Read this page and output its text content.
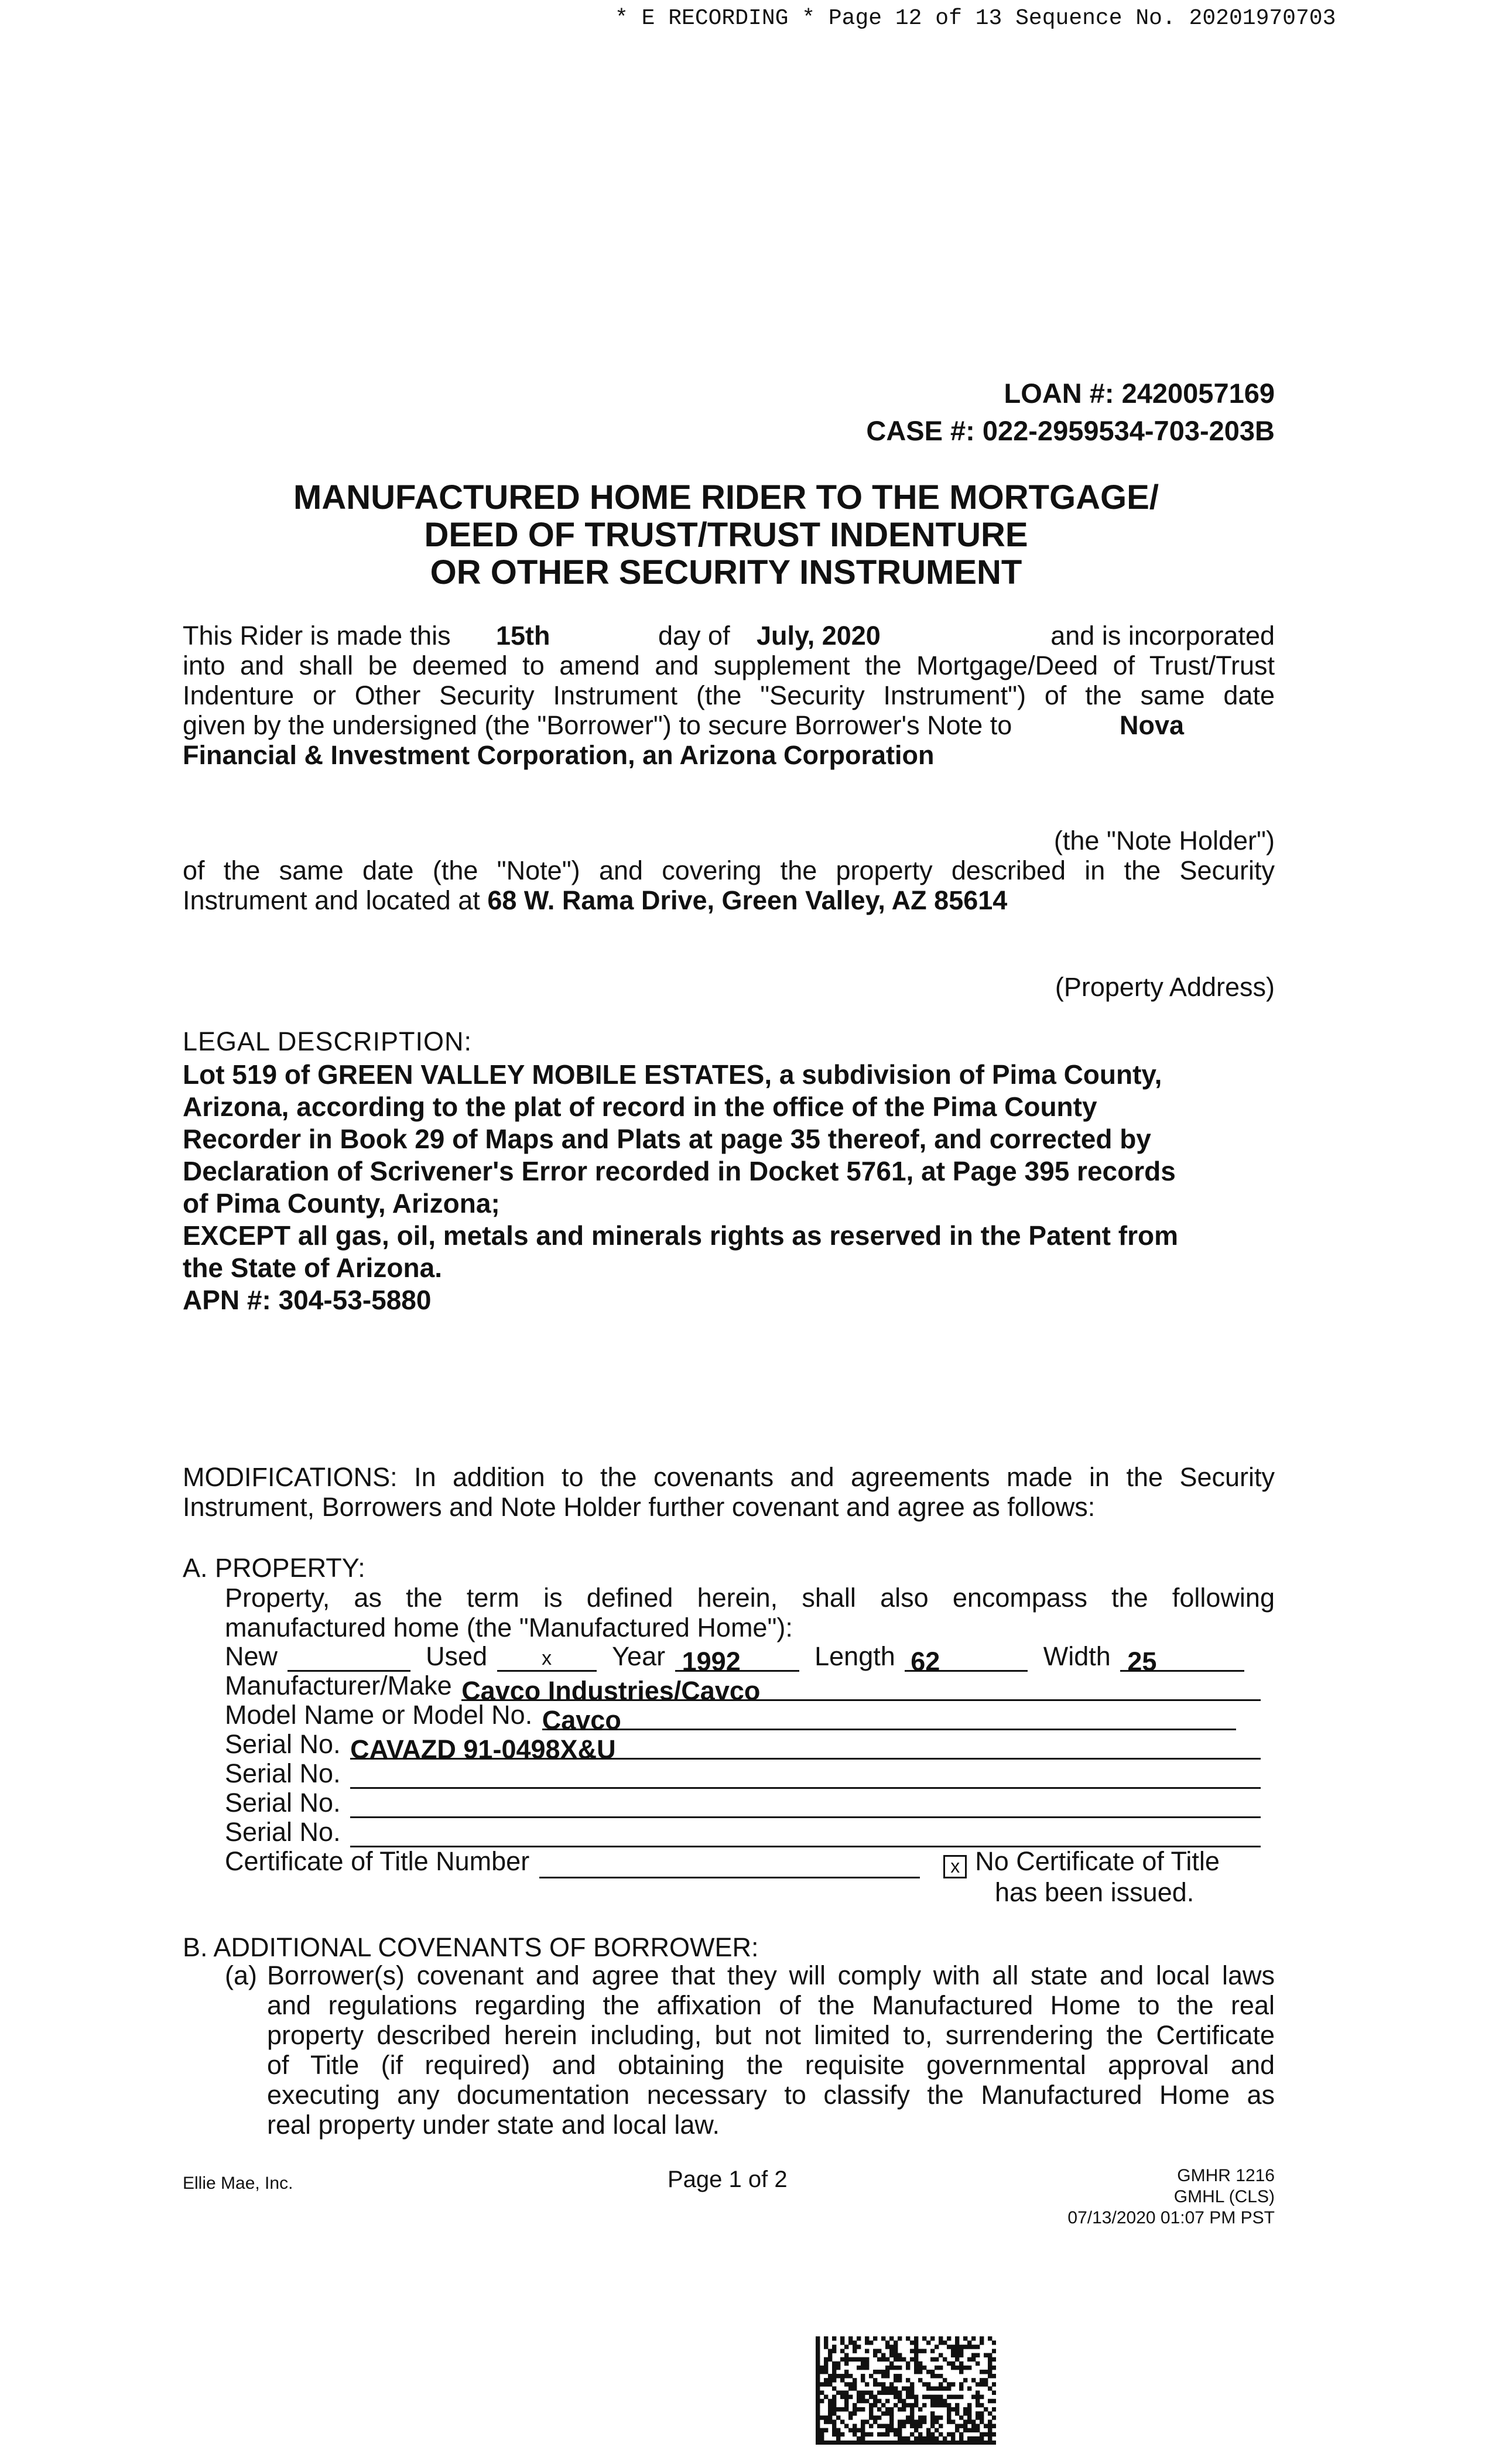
* E RECORDING * Page 12 of 13 Sequence No. 20201970703
LOAN #: 2420057169
CASE #: 022-2959534-703-203B
MANUFACTURED HOME RIDER TO THE MORTGAGE/
DEED OF TRUST/TRUST INDENTURE
OR OTHER SECURITY INSTRUMENT
This Rider is made this 15th	day of July, 2020	and is incorporated
into and shall be deemed to amend and supplement the Mortgage/Deed of Trust/Trust
Indenture or Other Security Instrument (the "Security Instrument") of the same date
given by the undersigned (the "Borrower") to secure Borrower's Note to	Nova
Financial & Investment Corporation, an Arizona Corporation
(the "Note Holder")
of the same date (the "Note") and covering the property described in the Security
Instrument and located at 68 W. Rama Drive, Green Valley, AZ 85614
(Property Address)
LEGAL DESCRIPTION:
Lot 519 of GREEN VALLEY MOBILE ESTATES, a subdivision of Pima County,
Arizona, according to the plat of record in the office of the Pima County
Recorder in Book 29 of Maps and Plats at page 35 thereof, and corrected by
Declaration of Scrivener's Error recorded in Docket 5761, at Page 395 records
of Pima County, Arizona;
EXCEPT all gas, oil, metals and minerals rights as reserved in the Patent from
the State of Arizona.
APN #: 304-53-5880
MODIFICATIONS: In addition to the covenants and agreements made in the Security
Instrument, Borrowers and Note Holder further covenant and agree as follows:
A. PROPERTY:
Property, as the term is defined herein, shall also encompass the following
manufactured home (the "Manufactured Home"):
New	Used	x Year 1992	Length 62	Width 25
Manufacturer/Make Cavco Industries/Cavco
Model Name or Model No. Cavco
Serial No. CAVAZD 91-0498X&U
Serial No.
Serial No.
Serial No.
Certificate of Title Number	x No Certificate of Title
has been issued.
B. ADDITIONAL COVENANTS OF BORROWER:
(a) Borrower(s) covenant and agree that they will comply with all state and local laws
and regulations regarding the affixation of the Manufactured Home to the real
property described herein including, but not limited to, surrendering the Certificate
of Title (if required) and obtaining the requisite governmental approval and
executing any documentation necessary to classify the Manufactured Home as
real property under state and local law.
Ellie Mae, Inc.	Page 1 of 2	GMHR 1216
GMHL (CLS)
07/13/2020 01:07 PM PST
